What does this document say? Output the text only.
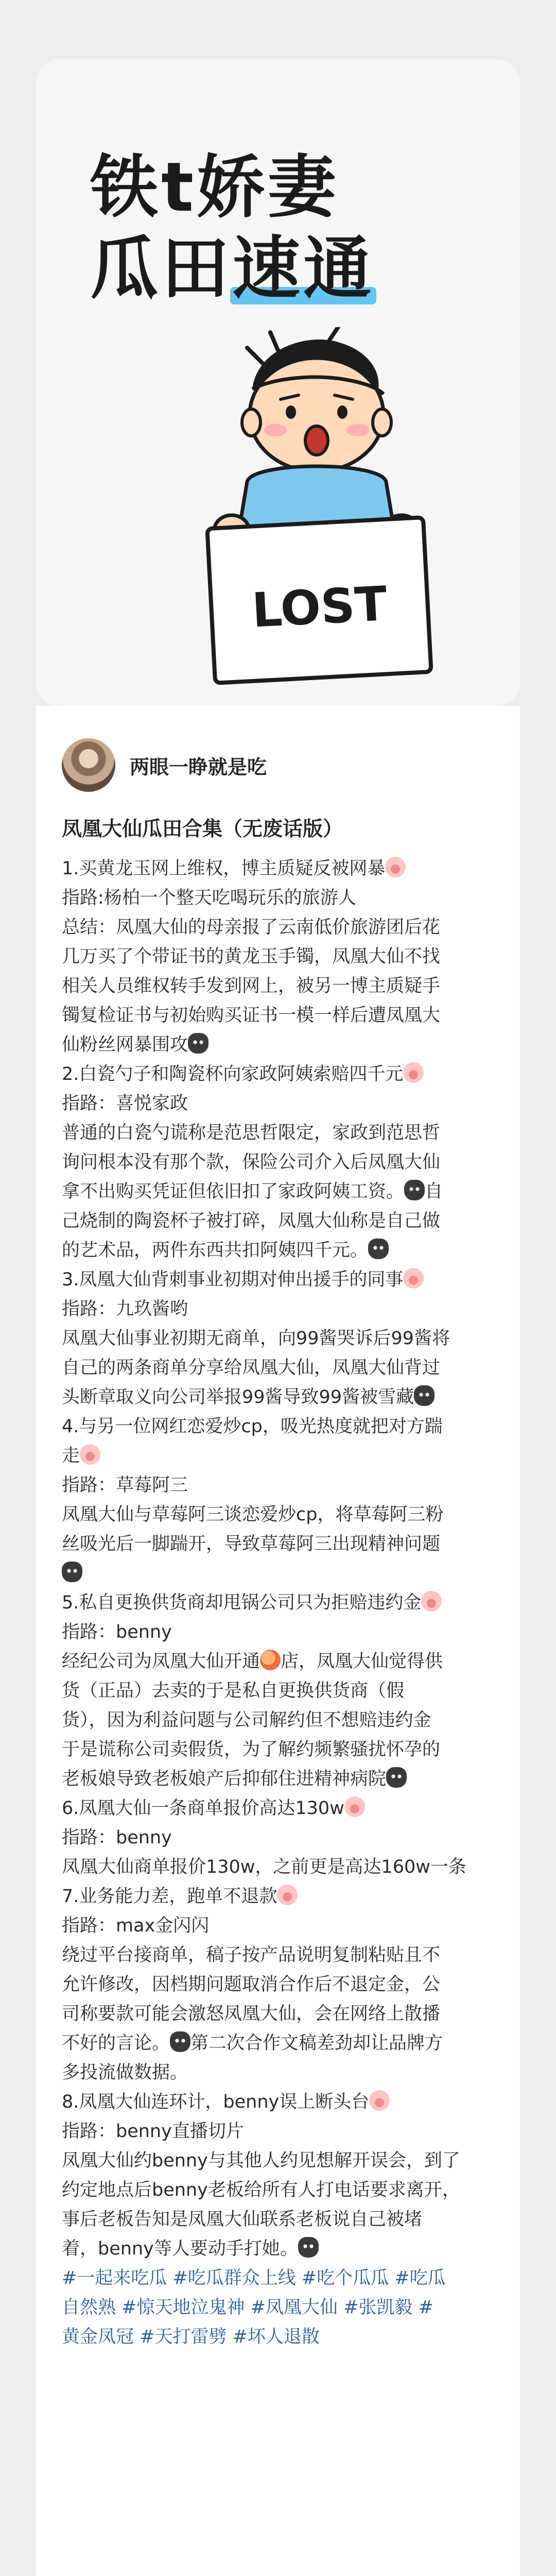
铁t娇妻
瓜田速通
LOST
两眼一睁就是吃
凤凰大仙瓜田合集（无废话版）

1.买黄龙玉网上维权，博主质疑反被网暴

指路:杨柏一个整天吃喝玩乐的旅游人

总结：凤凰大仙的母亲报了云南低价旅游团后花

几万买了个带证书的黄龙玉手镯，凤凰大仙不找

相关人员维权转手发到网上，被另一博主质疑手

镯复检证书与初始购买证书一模一样后遭凤凰大

仙粉丝网暴围攻

2.白瓷勺子和陶瓷杯向家政阿姨索赔四千元

指路：喜悦家政

普通的白瓷勺谎称是范思哲限定，家政到范思哲

询问根本没有那个款，保险公司介入后凤凰大仙

拿不出购买凭证但依旧扣了家政阿姨工资。 自

己烧制的陶瓷杯子被打碎，凤凰大仙称是自己做

的艺术品，两件东西共扣阿姨四千元。

3.凤凰大仙背刺事业初期对伸出援手的同事

指路：九玖酱哟

凤凰大仙事业初期无商单，向99酱哭诉后99酱将

自己的两条商单分享给凤凰大仙，凤凰大仙背过

头断章取义向公司举报99酱导致99酱被雪藏

4.与另一位网红恋爱炒cp，吸光热度就把对方踹

走

指路：草莓阿三

凤凰大仙与草莓阿三谈恋爱炒cp，将草莓阿三粉

丝吸光后一脚踹开，导致草莓阿三出现精神问题

5.私自更换供货商却甩锅公司只为拒赔违约金

指路：benny

经纪公司为凤凰大仙开通 店，凤凰大仙觉得供

货（正品）去卖的于是私自更换供货商（假

货），因为利益问题与公司解约但不想赔违约金

于是谎称公司卖假货，为了解约频繁骚扰怀孕的

老板娘导致老板娘产后抑郁住进精神病院

6.凤凰大仙一条商单报价高达130w

指路：benny

凤凰大仙商单报价130w，之前更是高达160w一条

7.业务能力差，跑单不退款

指路：max金闪闪

绕过平台接商单，稿子按产品说明复制粘贴且不

允许修改，因档期问题取消合作后不退定金，公

司称要款可能会激怒凤凰大仙，会在网络上散播

不好的言论。 第二次合作文稿差劲却让品牌方

多投流做数据。

8.凤凰大仙连环计，benny误上断头台

指路：benny直播切片

凤凰大仙约benny与其他人约见想解开误会，到了

约定地点后benny老板给所有人打电话要求离开，

事后老板告知是凤凰大仙联系老板说自己被堵

着，benny等人要动手打她。

#一起来吃瓜 #吃瓜群众上线 #吃个瓜瓜 #吃瓜

自然熟 #惊天地泣鬼神 #凤凰大仙 #张凯毅 #

黄金凤冠 #天打雷劈 #坏人退散
